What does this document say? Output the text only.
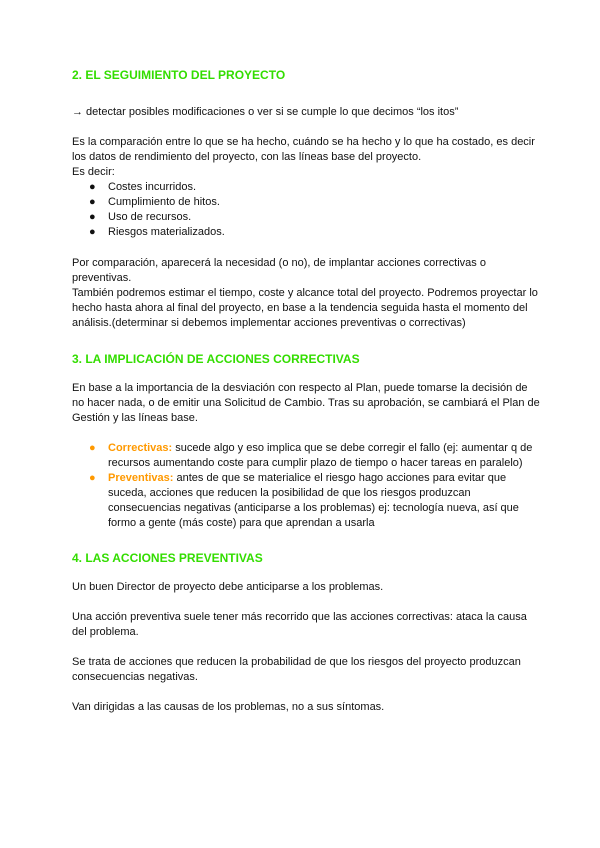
2. EL SEGUIMIENTO DEL PROYECTO

→ detectar posibles modificaciones o ver si se cumple lo que decimos “los itos”

Es la comparación entre lo que se ha hecho, cuándo se ha hecho y lo que ha costado, es decir los datos de rendimiento del proyecto, con las líneas base del proyecto.

Es decir:

● Costes incurridos.
● Cumplimiento de hitos.
● Uso de recursos.
● Riesgos materializados.

Por comparación, aparecerá la necesidad (o no), de implantar acciones correctivas o preventivas.

También podremos estimar el tiempo, coste y alcance total del proyecto. Podremos proyectar lo hecho hasta ahora al final del proyecto, en base a la tendencia seguida hasta el momento del análisis.(determinar si debemos implementar acciones preventivas o correctivas)

3. LA IMPLICACIÓN DE ACCIONES CORRECTIVAS

En base a la importancia de la desviación con respecto al Plan, puede tomarse la decisión de no hacer nada, o de emitir una Solicitud de Cambio. Tras su aprobación, se cambiará el Plan de Gestión y las líneas base.

● Correctivas: sucede algo y eso implica que se debe corregir el fallo (ej: aumentar q de recursos aumentando coste para cumplir plazo de tiempo o hacer tareas en paralelo)
● Preventivas: antes de que se materialice el riesgo hago acciones para evitar que suceda, acciones que reducen la posibilidad de que los riesgos produzcan consecuencias negativas (anticiparse a los problemas) ej: tecnología nueva, así que formo a gente (más coste) para que aprendan a usarla
4. LAS ACCIONES PREVENTIVAS

Un buen Director de proyecto debe anticiparse a los problemas.

Una acción preventiva suele tener más recorrido que las acciones correctivas: ataca la causa del problema.

Se trata de acciones que reducen la probabilidad de que los riesgos del proyecto produzcan consecuencias negativas.

Van dirigidas a las causas de los problemas, no a sus síntomas.
